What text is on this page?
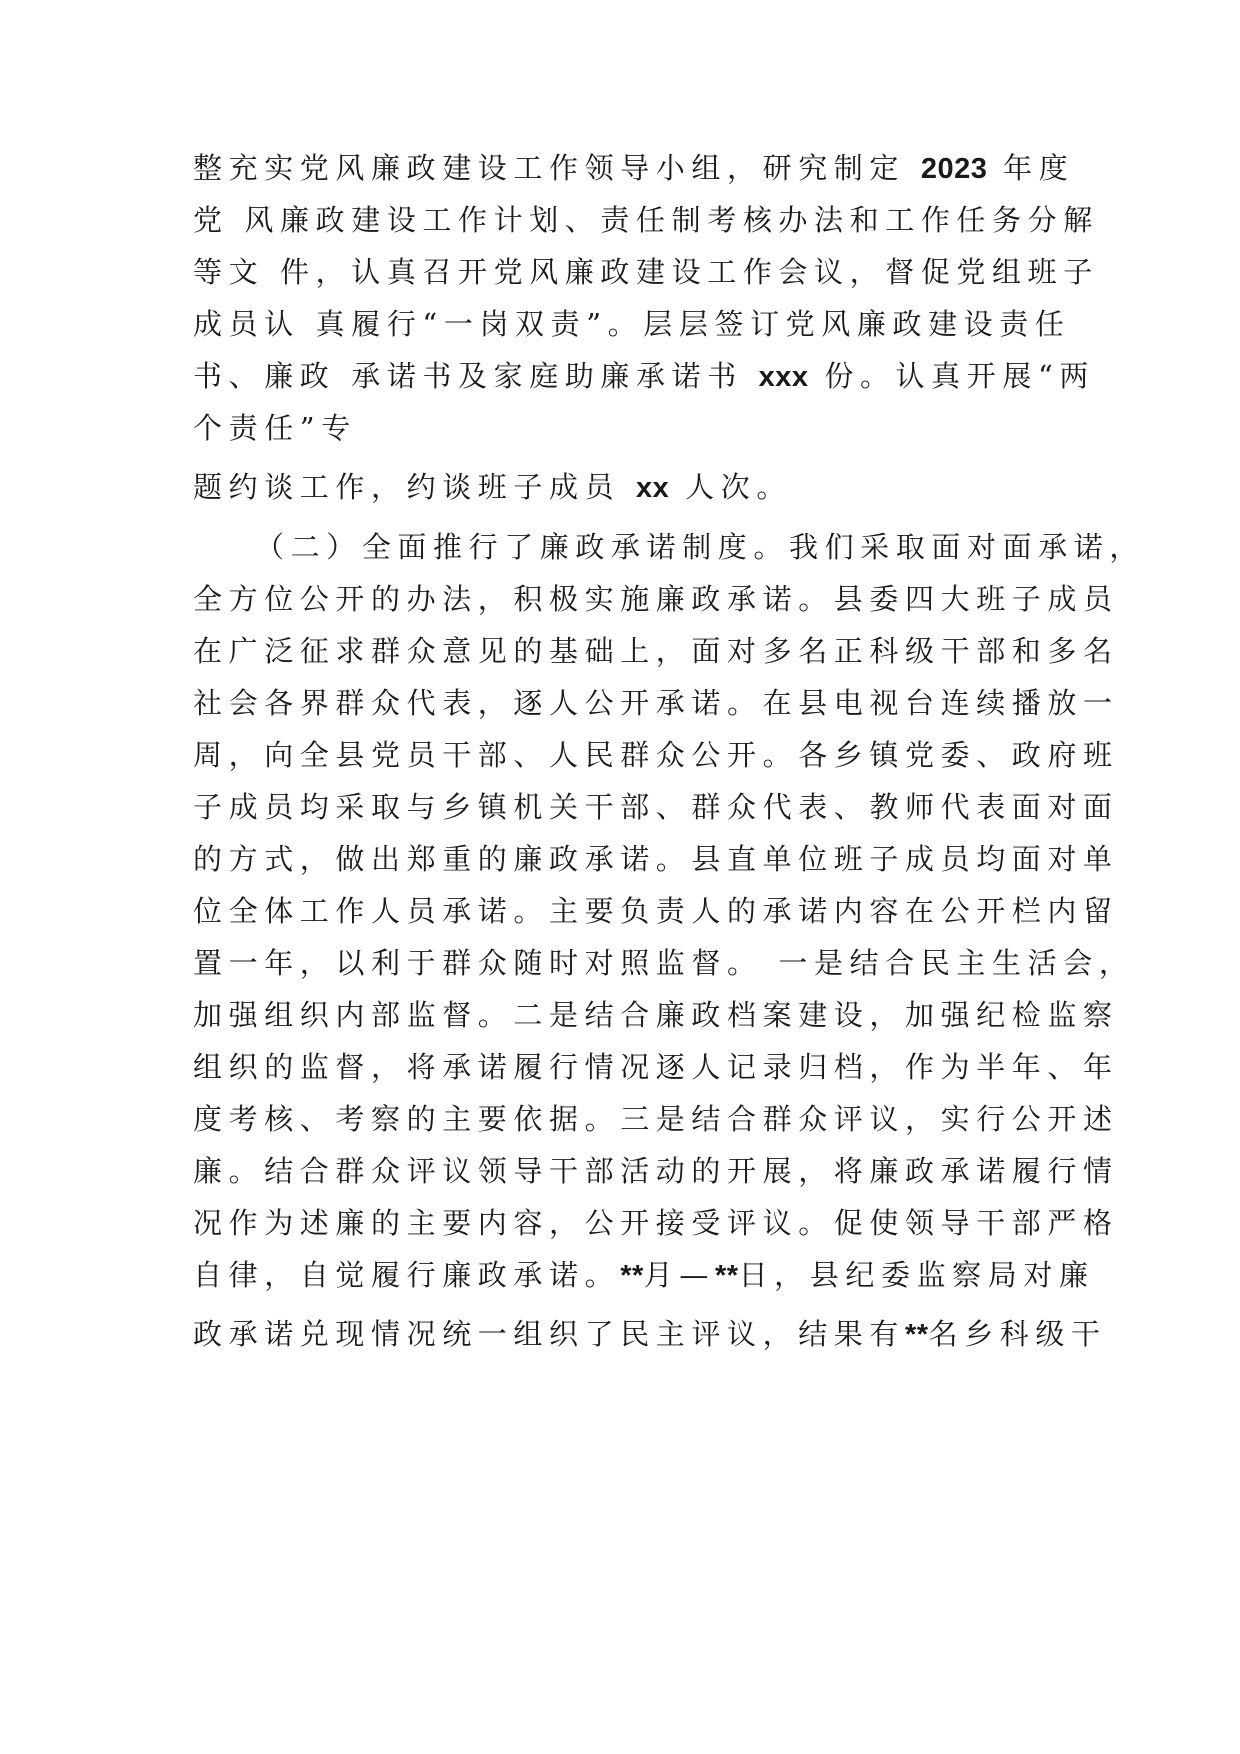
整充实党风廉政建设工作领导小组，研究制定 2023 年度
党 风廉政建设工作计划、责任制考核办法和工作任务分解
等文 件，认真召开党风廉政建设工作会议，督促党组班子
成员认 真履行“一岗双责”。层层签订党风廉政建设责任
书、廉政 承诺书及家庭助廉承诺书 xxx 份。认真开展“两
个责任”专
题约谈工作，约谈班子成员 xx 人次。
（二）全面推行了廉政承诺制度。我们采取面对面承诺，
全方位公开的办法，积极实施廉政承诺。县委四大班子成员
在广泛征求群众意见的基础上，面对多名正科级干部和多名
社会各界群众代表，逐人公开承诺。在县电视台连续播放一
周，向全县党员干部、人民群众公开。各乡镇党委、政府班
子成员均采取与乡镇机关干部、群众代表、教师代表面对面
的方式，做出郑重的廉政承诺。县直单位班子成员均面对单
位全体工作人员承诺。主要负责人的承诺内容在公开栏内留
置一年，以利于群众随时对照监督。 一是结合民主生活会，
加强组织内部监督。二是结合廉政档案建设，加强纪检监察
组织的监督，将承诺履行情况逐人记录归档，作为半年、年
度考核、考察的主要依据。三是结合群众评议，实行公开述
廉。结合群众评议领导干部活动的开展，将廉政承诺履行情
况作为述廉的主要内容，公开接受评议。促使领导干部严格
自律，自觉履行廉政承诺。**月—**日，县纪委监察局对廉
政承诺兑现情况统一组织了民主评议，结果有**名乡科级干
